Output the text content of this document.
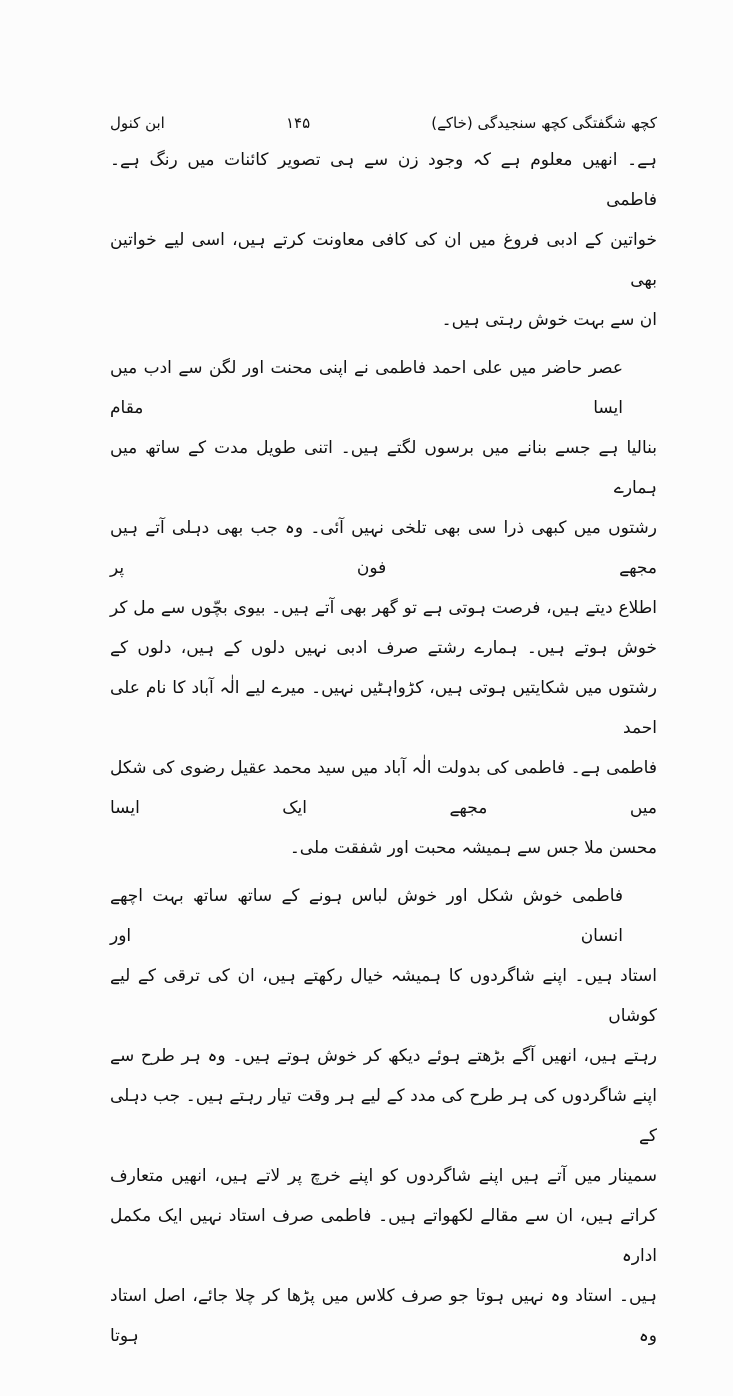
کچھ شگفتگی کچھ سنجیدگی (خاکے)
۱۴۵
ابن کنول
ہے۔ انھیں معلوم ہے کہ وجود زن سے ہی تصویر کائنات میں رنگ ہے۔ فاطمی
خواتین کے ادبی فروغ میں ان کی کافی معاونت کرتے ہیں، اسی لیے خواتین بھی
ان سے بہت خوش رہتی ہیں۔
عصر حاضر میں علی احمد فاطمی نے اپنی محنت اور لگن سے ادب میں ایسا مقام
بنالیا ہے جسے بنانے میں برسوں لگتے ہیں۔ اتنی طویل مدت کے ساتھ میں ہمارے
رشتوں میں کبھی ذرا سی بھی تلخی نہیں آئی۔ وہ جب بھی دہلی آتے ہیں مجھے فون پر
اطلاع دیتے ہیں، فرصت ہوتی ہے تو گھر بھی آتے ہیں۔ بیوی بچّوں سے مل کر
خوش ہوتے ہیں۔ ہمارے رشتے صرف ادبی نہیں دلوں کے ہیں، دلوں کے
رشتوں میں شکایتیں ہوتی ہیں، کڑواہٹیں نہیں۔ میرے لیے الٰہ آباد کا نام علی احمد
فاطمی ہے۔ فاطمی کی بدولت الٰہ آباد میں سید محمد عقیل رضوی کی شکل میں مجھے ایک ایسا
محسن ملا جس سے ہمیشہ محبت اور شفقت ملی۔
فاطمی خوش شکل اور خوش لباس ہونے کے ساتھ ساتھ بہت اچھے انسان اور
استاد ہیں۔ اپنے شاگردوں کا ہمیشہ خیال رکھتے ہیں، ان کی ترقی کے لیے کوشاں
رہتے ہیں، انھیں آگے بڑھتے ہوئے دیکھ کر خوش ہوتے ہیں۔ وہ ہر طرح سے
اپنے شاگردوں کی ہر طرح کی مدد کے لیے ہر وقت تیار رہتے ہیں۔ جب دہلی کے
سمینار میں آتے ہیں اپنے شاگردوں کو اپنے خرچ پر لاتے ہیں، انھیں متعارف
کراتے ہیں، ان سے مقالے لکھواتے ہیں۔ فاطمی صرف استاد نہیں ایک مکمل ادارہ
ہیں۔ استاد وہ نہیں ہوتا جو صرف کلاس میں پڑھا کر چلا جائے، اصل استاد وہ ہوتا
